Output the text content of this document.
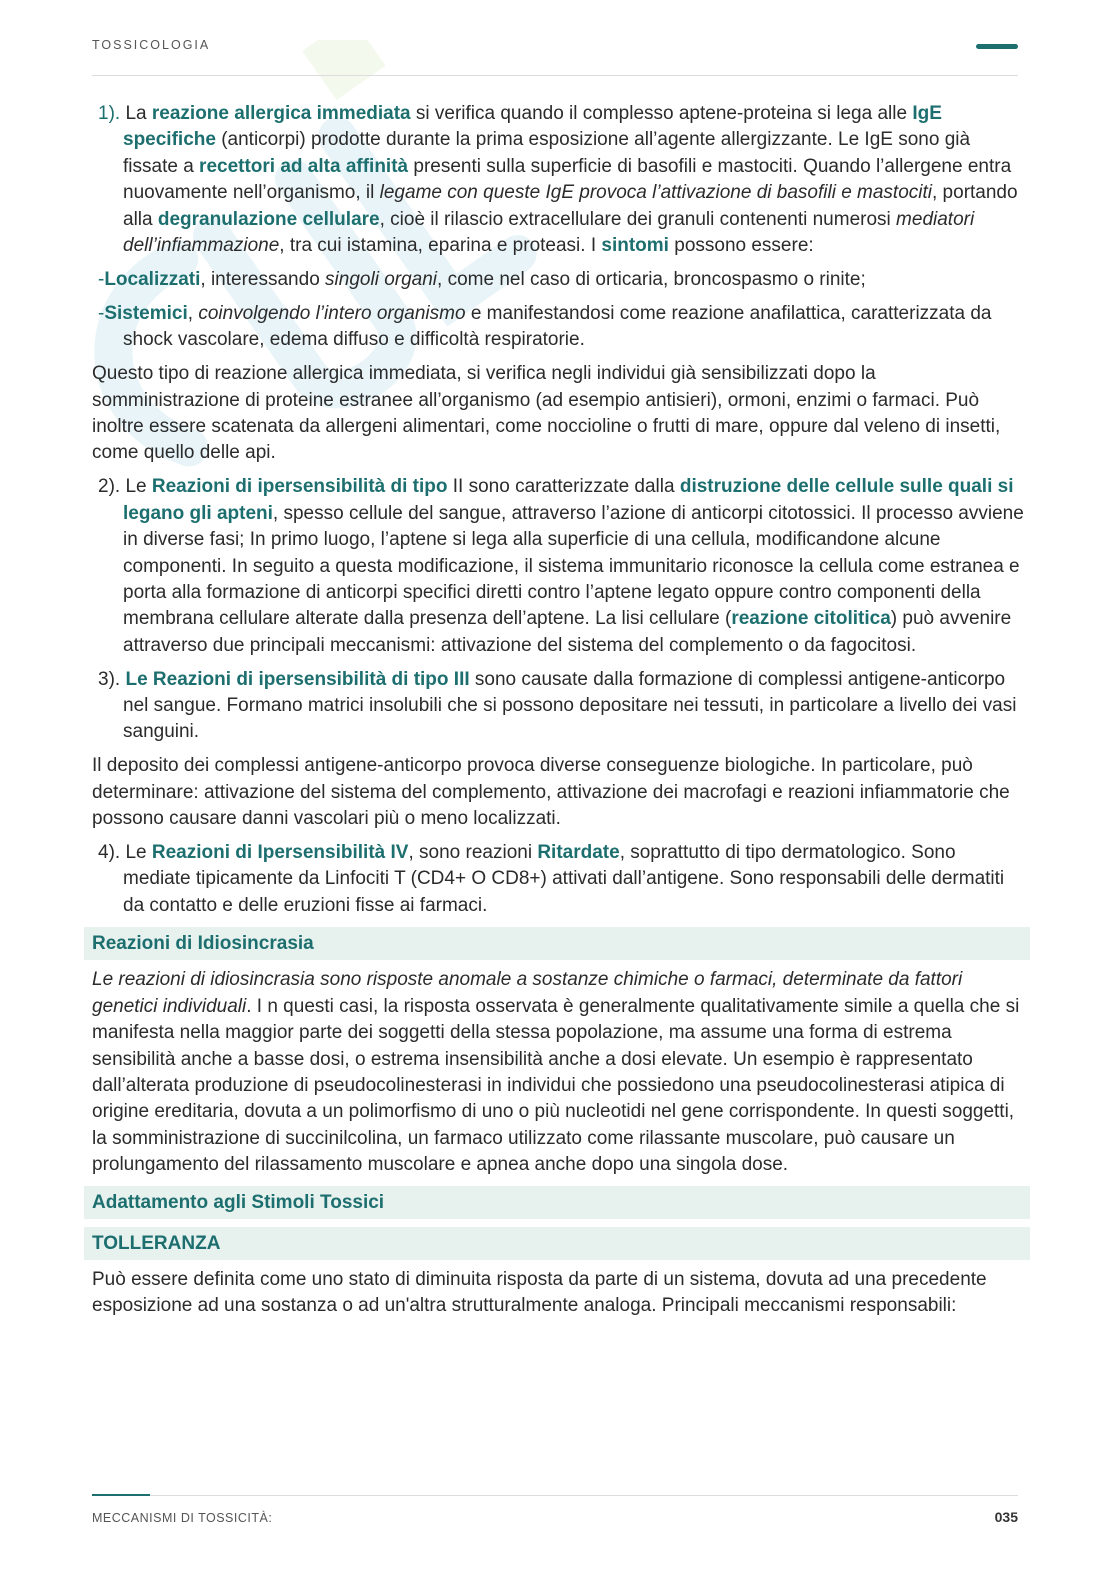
TOSSICOLOGIA
1). La reazione allergica immediata si verifica quando il complesso aptene-proteina si lega alle IgE specifiche (anticorpi) prodotte durante la prima esposizione all’agente allergizzante. Le IgE sono già fissate a recettori ad alta affinità presenti sulla superficie di basofili e mastociti. Quando l’allergene entra nuovamente nell’organismo, il legame con queste IgE provoca l’attivazione di basofili e mastociti, portando alla degranulazione cellulare, cioè il rilascio extracellulare dei granuli contenenti numerosi mediatori dell’infiammazione, tra cui istamina, eparina e proteasi. I sintomi possono essere:
-Localizzati, interessando singoli organi, come nel caso di orticaria, broncospasmo o rinite;
-Sistemici, coinvolgendo l’intero organismo e manifestandosi come reazione anafilattica, caratterizzata da shock vascolare, edema diffuso e difficoltà respiratorie.

Questo tipo di reazione allergica immediata, si verifica negli individui già sensibilizzati dopo la somministrazione di proteine estranee all’organismo (ad esempio antisieri), ormoni, enzimi o farmaci. Può inoltre essere scatenata da allergeni alimentari, come noccioline o frutti di mare, oppure dal veleno di insetti, come quello delle api.

2). Le Reazioni di ipersensibilità di tipo II sono caratterizzate dalla distruzione delle cellule sulle quali si legano gli apteni, spesso cellule del sangue, attraverso l’azione di anticorpi citotossici. Il processo avviene in diverse fasi; In primo luogo, l’aptene si lega alla superficie di una cellula, modificandone alcune componenti. In seguito a questa modificazione, il sistema immunitario riconosce la cellula come estranea e porta alla formazione di anticorpi specifici diretti contro l’aptene legato oppure contro componenti della membrana cellulare alterate dalla presenza dell’aptene. La lisi cellulare (reazione citolitica) può avvenire attraverso due principali meccanismi: attivazione del sistema del complemento o da fagocitosi.
3). Le Reazioni di ipersensibilità di tipo III sono causate dalla formazione di complessi antigene-anticorpo nel sangue. Formano matrici insolubili che si possono depositare nei tessuti, in particolare a livello dei vasi sanguini.

Il deposito dei complessi antigene-anticorpo provoca diverse conseguenze biologiche. In particolare, può determinare: attivazione del sistema del complemento, attivazione dei macrofagi e reazioni infiammatorie che possono causare danni vascolari più o meno localizzati.

4). Le Reazioni di Ipersensibilità IV, sono reazioni Ritardate, soprattutto di tipo dermatologico. Sono mediate tipicamente da Linfociti T (CD4+ O CD8+) attivati dall’antigene. Sono responsabili delle dermatiti da contatto e delle eruzioni fisse ai farmaci.
Reazioni di Idiosincrasia

Le reazioni di idiosincrasia sono risposte anomale a sostanze chimiche o farmaci, determinate da fattori genetici individuali. I n questi casi, la risposta osservata è generalmente qualitativamente simile a quella che si manifesta nella maggior parte dei soggetti della stessa popolazione, ma assume una forma di estrema sensibilità anche a basse dosi, o estrema insensibilità anche a dosi elevate. Un esempio è rappresentato dall’alterata produzione di pseudocolinesterasi in individui che possiedono una pseudocolinesterasi atipica di origine ereditaria, dovuta a un polimorfismo di uno o più nucleotidi nel gene corrispondente. In questi soggetti, la somministrazione di succinilcolina, un farmaco utilizzato come rilassante muscolare, può causare un prolungamento del rilassamento muscolare e apnea anche dopo una singola dose.

Adattamento agli Stimoli Tossici
TOLLERANZA

Può essere definita come uno stato di diminuita risposta da parte di un sistema, dovuta ad una precedente esposizione ad una sostanza o ad un'altra strutturalmente analoga. Principali meccanismi responsabili:

MECCANISMI DI TOSSICITÀ:	035
